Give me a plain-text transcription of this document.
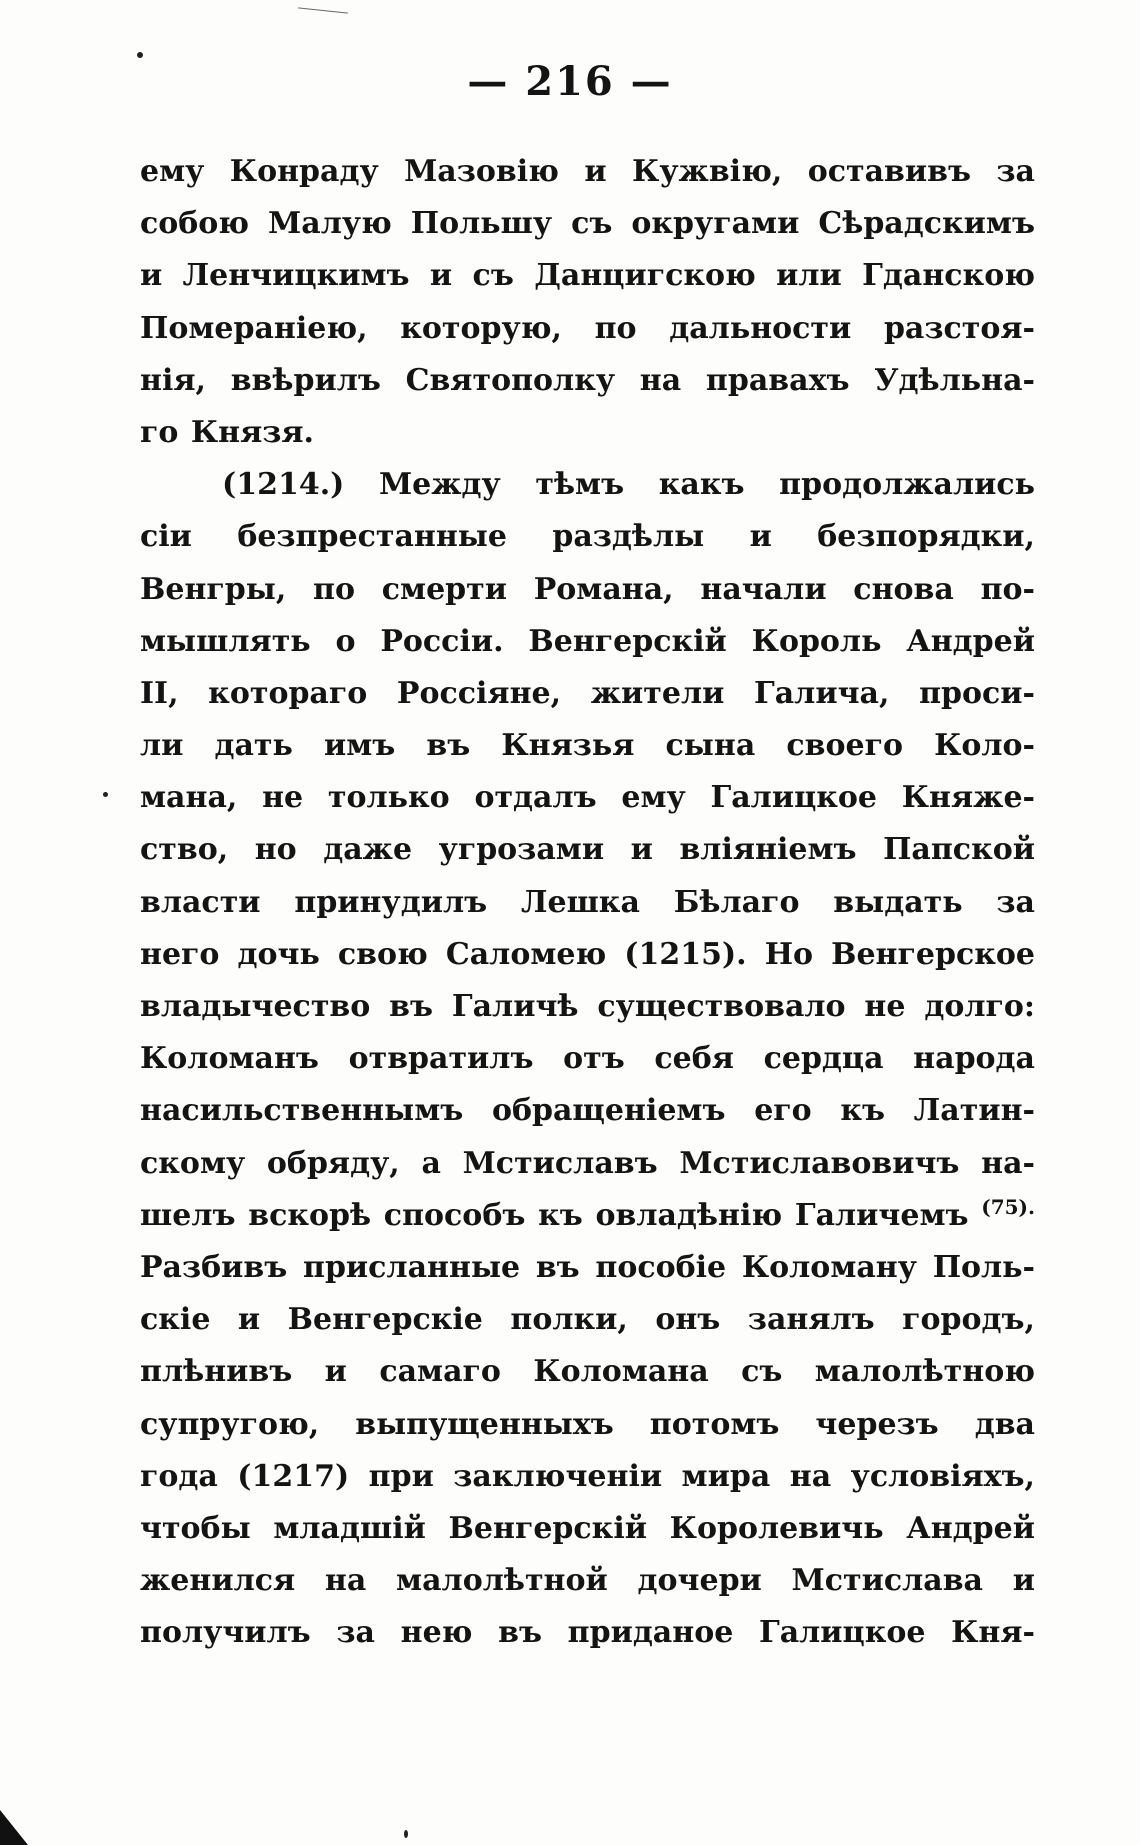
— 216 —
ему Конраду Мазовію и Кужвію, оставивъ за
собою Малую Польшу съ округами Сѣрадскимъ
и Ленчицкимъ и съ Данцигскою или Гданскою
Помераніею, которую, по дальности разстоя-
нія, ввѣрилъ Святополку на правахъ Удѣльна-
го Князя.
(1214.) Между тѣмъ какъ продолжались
сіи безпрестанные раздѣлы и безпорядки,
Венгры, по смерти Романа, начали снова по-
мышлять о Россіи. Венгерскій Король Андрей
II, котораго Россіяне, жители Галича, проси-
ли дать имъ въ Князья сына своего Коло-
мана, не только отдалъ ему Галицкое Княже-
ство, но даже угрозами и вліяніемъ Папской
власти принудилъ Лешка Бѣлаго выдать за
него дочь свою Саломею (1215). Но Венгерское
владычество въ Галичѣ существовало не долго:
Коломанъ отвратилъ отъ себя сердца народа
насильственнымъ обращеніемъ его къ Латин-
скому обряду, а Мстиславъ Мстиславовичъ на-
шелъ вскорѣ способъ къ овладѣнію Галичемъ $^{(75).}$
Разбивъ присланные въ пособіе Коломану Поль-
скіе и Венгерскіе полки, онъ занялъ городъ,
плѣнивъ и самаго Коломана съ малолѣтною
супругою, выпущенныхъ потомъ черезъ два
года (1217) при заключеніи мира на условіяхъ,
чтобы младшій Венгерскій Королевичь Андрей
женился на малолѣтной дочери Мстислава и
получилъ за нею въ приданое Галицкое Кня-
